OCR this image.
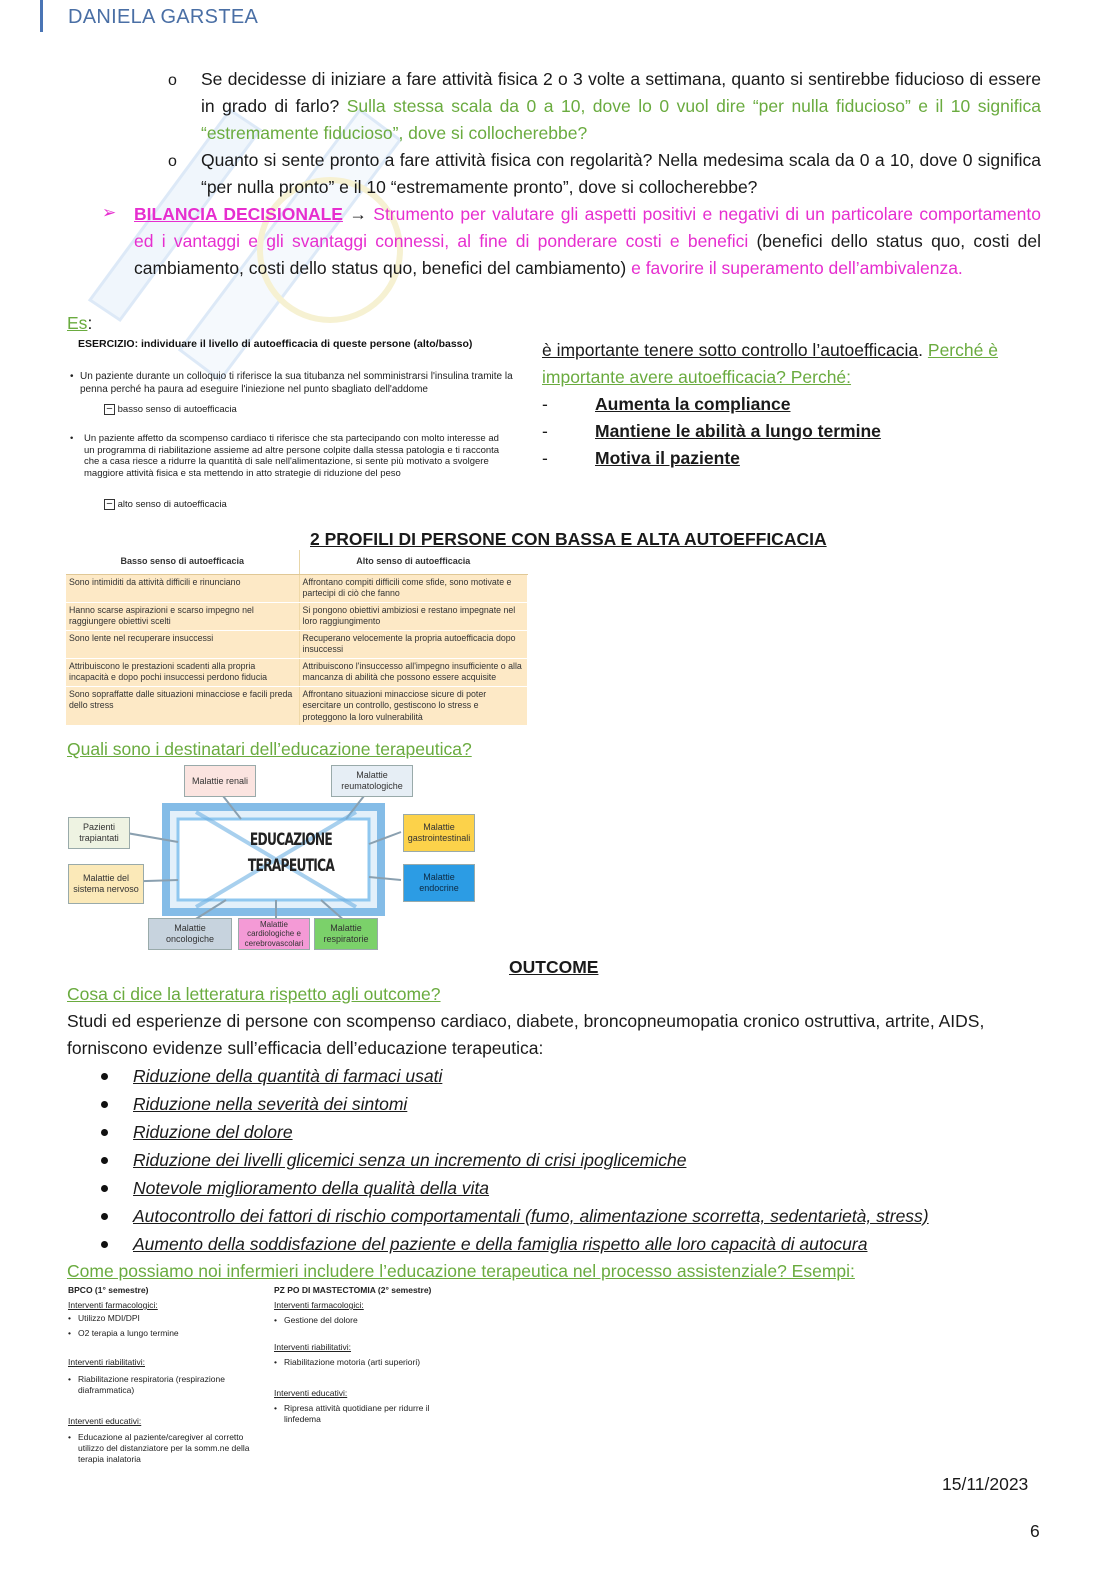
DANIELA GARSTEA
o Se decidesse di iniziare a fare attività fisica 2 o 3 volte a settimana, quanto si sentirebbe fiducioso di essere in grado di farlo? Sulla stessa scala da 0 a 10, dove lo 0 vuol dire “per nulla fiducioso” e il 10 significa “estremamente fiducioso”, dove si collocherebbe?
o Quanto si sente pronto a fare attività fisica con regolarità? Nella medesima scala da 0 a 10, dove 0 significa “per nulla pronto” e il 10 “estremamente pronto”, dove si collocherebbe?
➢ BILANCIA DECISIONALE → Strumento per valutare gli aspetti positivi e negativi di un particolare comportamento ed i vantaggi e gli svantaggi connessi, al fine di ponderare costi e benefici (benefici dello status quo, costi del cambiamento, costi dello status quo, benefici del cambiamento) e favorire il superamento dell’ambivalenza.
Es:
ESERCIZIO: individuare il livello di autoefficacia di queste persone (alto/basso)
• Un paziente durante un colloquio ti riferisce la sua titubanza nel somministrarsi l'insulina tramite la penna perché ha paura ad eseguire l'iniezione nel punto sbagliato dell'addome
− basso senso di autoefficacia
•	Un paziente affetto da scompenso cardiaco ti riferisce che sta partecipando con molto interesse ad un programma di riabilitazione assieme ad altre persone colpite dalla stessa patologia e ti racconta che a casa riesce a ridurre la quantità di sale nell'alimentazione, si sente più motivato a svolgere maggiore attività fisica e sta mettendo in atto strategie di riduzione del peso
− alto senso di autoefficacia
è importante tenere sotto controllo l’autoefficacia. Perché è importante avere autoefficacia? Perché:
-	Aumenta la compliance
-	Mantiene le abilità a lungo termine
-	Motiva il paziente
2 PROFILI DI PERSONE CON BASSA E ALTA AUTOEFFICACIA
Basso senso di autoefficacia	Alto senso di autoefficacia
Sono intimiditi da attività difficili e rinunciano	Affrontano compiti difficili come sfide, sono motivate e partecipi di ciò che fanno
Hanno scarse aspirazioni e scarso impegno nel raggiungere obiettivi scelti	Si pongono obiettivi ambiziosi e restano impegnate nel loro raggiungimento
Sono lente nel recuperare insuccessi	Recuperano velocemente la propria autoefficacia dopo insuccessi
Attribuiscono le prestazioni scadenti alla propria incapacità e dopo pochi insuccessi perdono fiducia	Attribuiscono l'insuccesso all'impegno insufficiente o alla mancanza di abilità che possono essere acquisite
Sono sopraffatte dalle situazioni minacciose e facili preda dello stress	Affrontano situazioni minacciose sicure di poter esercitare un controllo, gestiscono lo stress e proteggono la loro vulnerabilità
Quali sono i destinatari dell’educazione terapeutica?
EDUCAZIONE
TERAPEUTICA
Malattie renali
Malattie reumatologiche
Pazienti trapiantati
Malattie gastrointestinali
Malattie del sistema nervoso
Malattie endocrine
Malattie oncologiche
Malattie cardiologiche e cerebrovascolari
Malattie respiratorie
OUTCOME
Cosa ci dice la letteratura rispetto agli outcome?
Studi ed esperienze di persone con scompenso cardiaco, diabete, broncopneumopatia cronico ostruttiva, artrite, AIDS, forniscono evidenze sull’efficacia dell’educazione terapeutica:
Riduzione della quantità di farmaci usati
Riduzione nella severità dei sintomi
Riduzione del dolore
Riduzione dei livelli glicemici senza un incremento di crisi ipoglicemiche
Notevole miglioramento della qualità della vita
Autocontrollo dei fattori di rischio comportamentali (fumo, alimentazione scorretta, sedentarietà, stress)
Aumento della soddisfazione del paziente e della famiglia rispetto alle loro capacità di autocura
Come possiamo noi infermieri includere l’educazione terapeutica nel processo assistenziale? Esempi:
BPCO (1° semestre)
Interventi farmacologici:
• Utilizzo MDI/DPI
• O2 terapia a lungo termine
Interventi riabilitativi:
• Riabilitazione respiratoria (respirazione diaframmatica)
Interventi educativi:
• Educazione al paziente/caregiver al corretto utilizzo del distanziatore per la somm.ne della terapia inalatoria
PZ PO DI MASTECTOMIA (2° semestre)
Interventi farmacologici:
• Gestione del dolore
Interventi riabilitativi:
• Riabilitazione motoria (arti superiori)
Interventi educativi:
• Ripresa attività quotidiane per ridurre il linfedema
15/11/2023
6
